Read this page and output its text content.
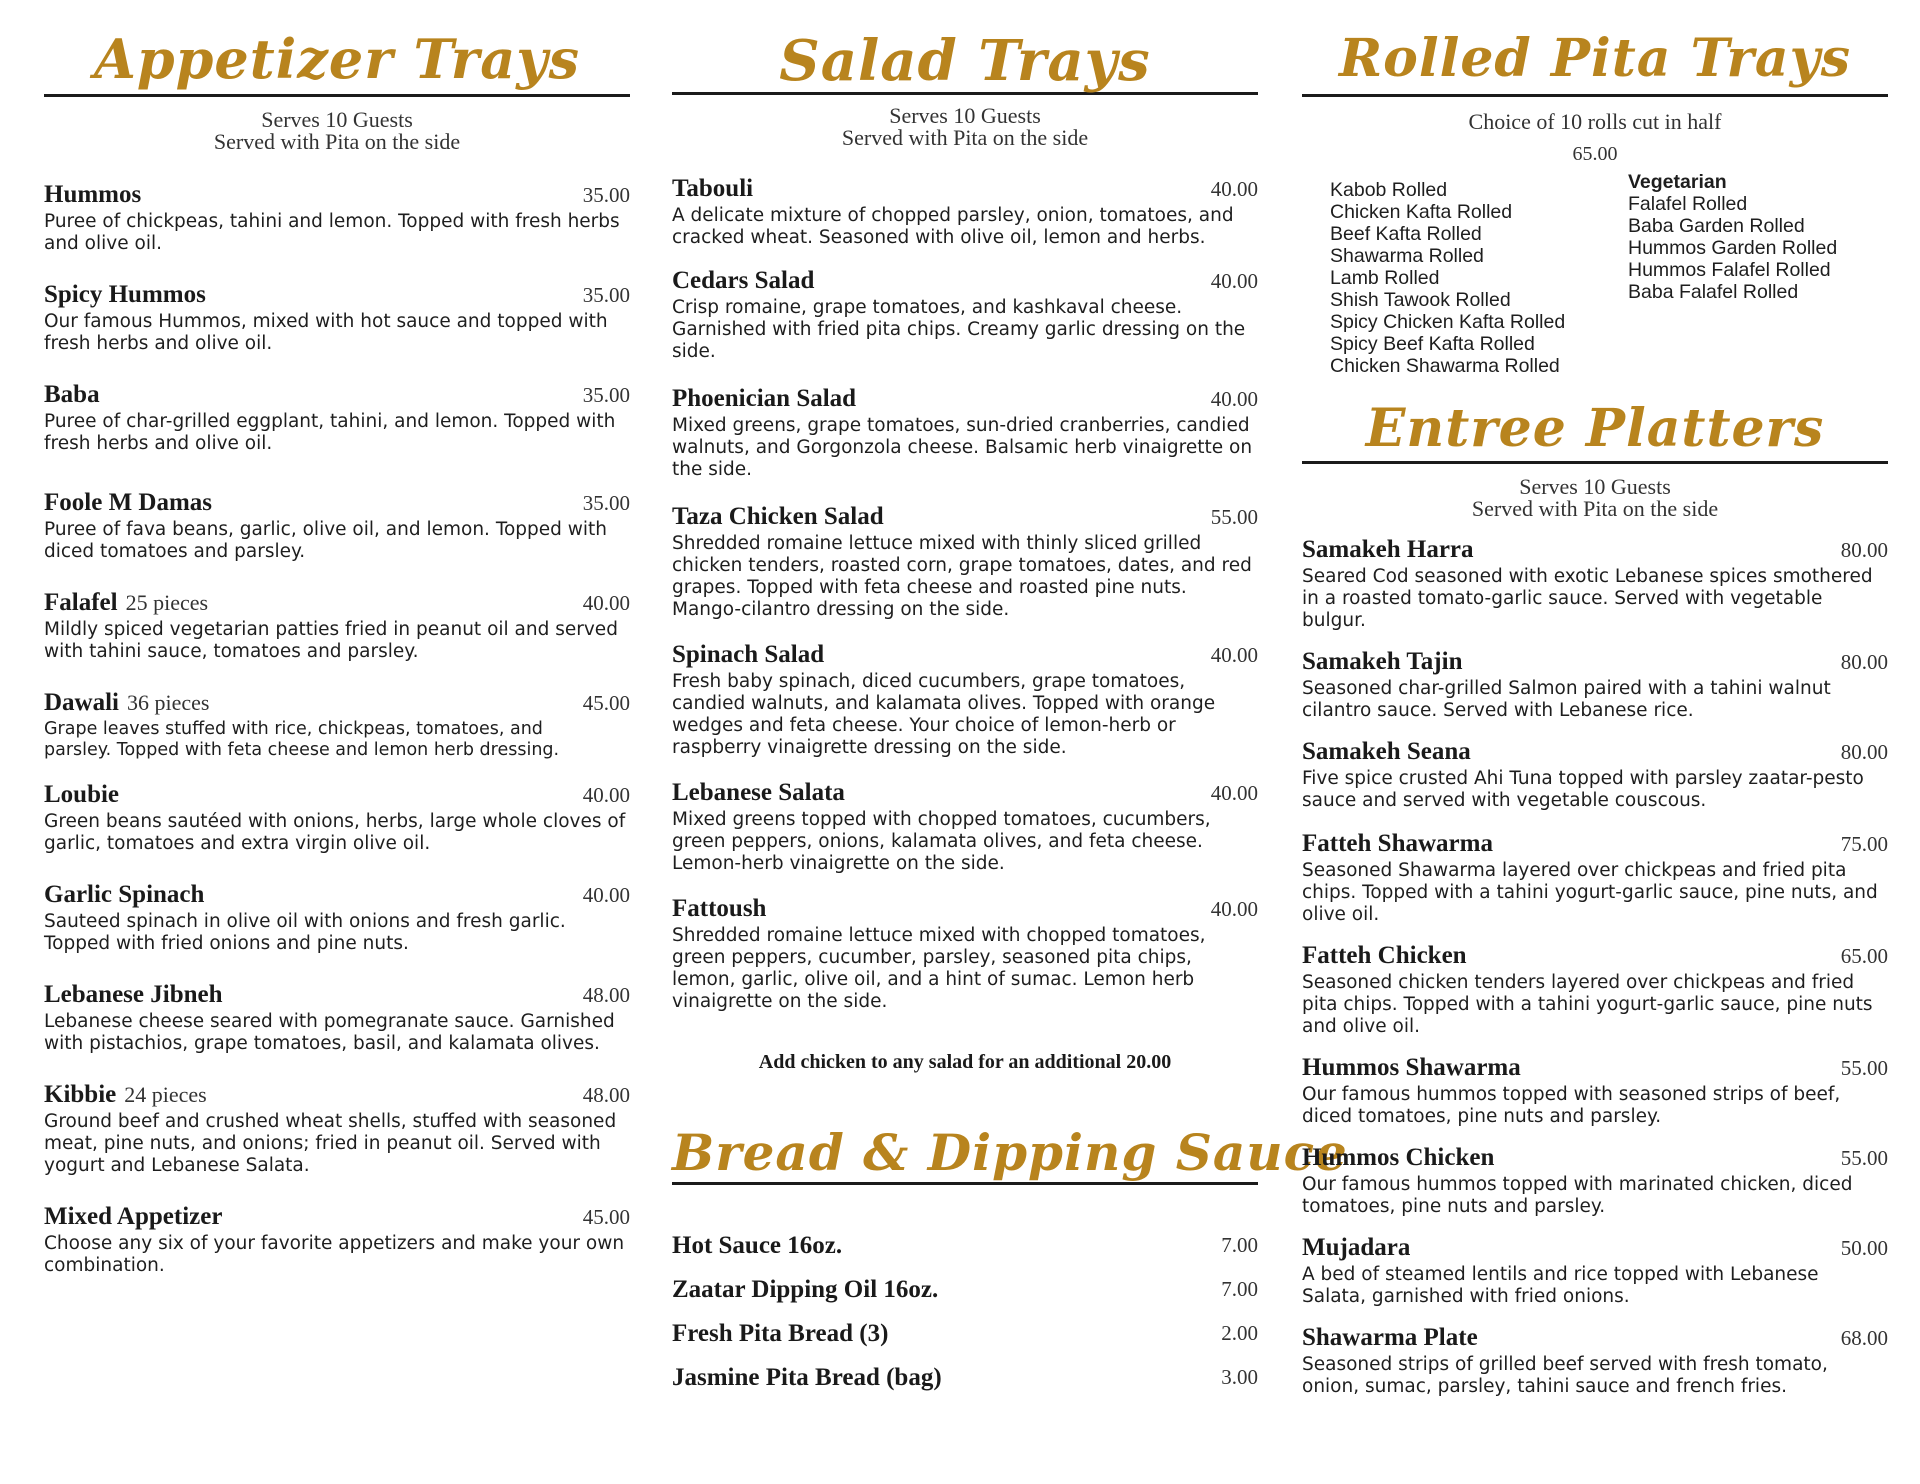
Appetizer Trays
Serves 10 Guests
Served with Pita on the side
Hummos	35.00
Puree of chickpeas, tahini and lemon. Topped with fresh herbs and olive oil.
Spicy Hummos	35.00
Our famous Hummos, mixed with hot sauce and topped with fresh herbs and olive oil.
Baba	35.00
Puree of char-grilled eggplant, tahini, and lemon. Topped with fresh herbs and olive oil.
Foole M Damas	35.00
Puree of fava beans, garlic, olive oil, and lemon. Topped with diced tomatoes and parsley.
Falafel 25 pieces	40.00
Mildly spiced vegetarian patties fried in peanut oil and served with tahini sauce, tomatoes and parsley.
Dawali 36 pieces	45.00
Grape leaves stuffed with rice, chickpeas, tomatoes, and parsley. Topped with feta cheese and lemon herb dressing.
Loubie	40.00
Green beans sautéed with onions, herbs, large whole cloves of garlic, tomatoes and extra virgin olive oil.
Garlic Spinach	40.00
Sauteed spinach in olive oil with onions and fresh garlic. Topped with fried onions and pine nuts.
Lebanese Jibneh	48.00
Lebanese cheese seared with pomegranate sauce. Garnished with pistachios, grape tomatoes, basil, and kalamata olives.
Kibbie 24 pieces	48.00
Ground beef and crushed wheat shells, stuffed with seasoned meat, pine nuts, and onions; fried in peanut oil. Served with yogurt and Lebanese Salata.
Mixed Appetizer	45.00
Choose any six of your favorite appetizers and make your own combination.
Salad Trays
Serves 10 Guests
Served with Pita on the side
Tabouli	40.00
A delicate mixture of chopped parsley, onion, tomatoes, and cracked wheat. Seasoned with olive oil, lemon and herbs.
Cedars Salad	40.00
Crisp romaine, grape tomatoes, and kashkaval cheese. Garnished with fried pita chips. Creamy garlic dressing on the side.
Phoenician Salad	40.00
Mixed greens, grape tomatoes, sun-dried cranberries, candied walnuts, and Gorgonzola cheese. Balsamic herb vinaigrette on the side.
Taza Chicken Salad	55.00
Shredded romaine lettuce mixed with thinly sliced grilled chicken tenders, roasted corn, grape tomatoes, dates, and red grapes. Topped with feta cheese and roasted pine nuts. Mango-cilantro dressing on the side.
Spinach Salad	40.00
Fresh baby spinach, diced cucumbers, grape tomatoes, candied walnuts, and kalamata olives. Topped with orange wedges and feta cheese. Your choice of lemon-herb or raspberry vinaigrette dressing on the side.
Lebanese Salata	40.00
Mixed greens topped with chopped tomatoes, cucumbers, green peppers, onions, kalamata olives, and feta cheese. Lemon-herb vinaigrette on the side.
Fattoush	40.00
Shredded romaine lettuce mixed with chopped tomatoes, green peppers, cucumber, parsley, seasoned pita chips, lemon, garlic, olive oil, and a hint of sumac. Lemon herb vinaigrette on the side.
Add chicken to any salad for an additional 20.00
Bread & Dipping Sauce
Hot Sauce 16oz.	7.00
Zaatar Dipping Oil 16oz.	7.00
Fresh Pita Bread (3)	2.00
Jasmine Pita Bread (bag)	3.00
Rolled Pita Trays
Choice of 10 rolls cut in half
65.00
Kabob Rolled
Chicken Kafta Rolled
Beef Kafta Rolled
Shawarma Rolled
Lamb Rolled
Shish Tawook Rolled
Spicy Chicken Kafta Rolled
Spicy Beef Kafta Rolled
Chicken Shawarma Rolled
Vegetarian
Falafel Rolled
Baba Garden Rolled
Hummos Garden Rolled
Hummos Falafel Rolled
Baba Falafel Rolled
Entree Platters
Serves 10 Guests
Served with Pita on the side
Samakeh Harra	80.00
Seared Cod seasoned with exotic Lebanese spices smothered in a roasted tomato-garlic sauce. Served with vegetable bulgur.
Samakeh Tajin	80.00
Seasoned char-grilled Salmon paired with a tahini walnut cilantro sauce. Served with Lebanese rice.
Samakeh Seana	80.00
Five spice crusted Ahi Tuna topped with parsley zaatar-pesto sauce and served with vegetable couscous.
Fatteh Shawarma	75.00
Seasoned Shawarma layered over chickpeas and fried pita chips. Topped with a tahini yogurt-garlic sauce, pine nuts, and olive oil.
Fatteh Chicken	65.00
Seasoned chicken tenders layered over chickpeas and fried pita chips. Topped with a tahini yogurt-garlic sauce, pine nuts and olive oil.
Hummos Shawarma	55.00
Our famous hummos topped with seasoned strips of beef, diced tomatoes, pine nuts and parsley.
Hummos Chicken	55.00
Our famous hummos topped with marinated chicken, diced tomatoes, pine nuts and parsley.
Mujadara	50.00
A bed of steamed lentils and rice topped with Lebanese Salata, garnished with fried onions.
Shawarma Plate	68.00
Seasoned strips of grilled beef served with fresh tomato, onion, sumac, parsley, tahini sauce and french fries.
